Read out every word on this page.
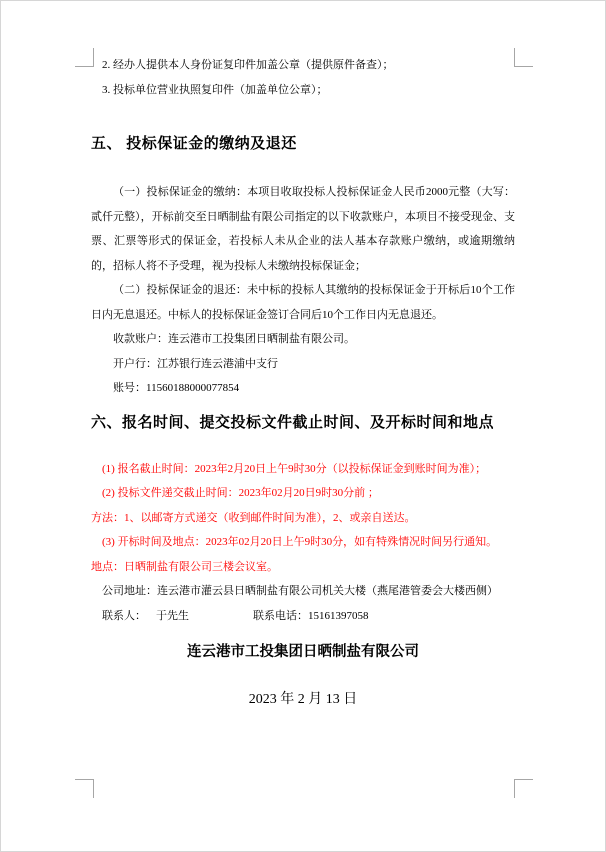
2. 经办人提供本人身份证复印件加盖公章（提供原件备查）；
3. 投标单位营业执照复印件（加盖单位公章）；
五、 投标保证金的缴纳及退还
（一）投标保证金的缴纳：本项目收取投标人投标保证金人民币2000元整（大写：贰仟元整），开标前交至日晒制盐有限公司指定的以下收款账户，本项目不接受现金、支票、汇票等形式的保证金，若投标人未从企业的法人基本存款账户缴纳，或逾期缴纳的，招标人将不予受理，视为投标人未缴纳投标保证金；
（二）投标保证金的退还：未中标的投标人其缴纳的投标保证金于开标后10个工作日内无息退还。中标人的投标保证金签订合同后10个工作日内无息退还。
收款账户：连云港市工投集团日晒制盐有限公司。
开户行：江苏银行连云港浦中支行
账号：11560188000077854
六、报名时间、提交投标文件截止时间、及开标时间和地点
(1) 报名截止时间：2023年2月20日上午9时30分（以投标保证金到账时间为准）；
(2) 投标文件递交截止时间：2023年02月20日9时30分前 ；
方法：1、以邮寄方式递交（收到邮件时间为准），2、或亲自送达。
(3) 开标时间及地点：2023年02月20日上午9时30分，如有特殊情况时间另行通知。
地点：日晒制盐有限公司三楼会议室。
公司地址：连云港市灌云县日晒制盐有限公司机关大楼（燕尾港管委会大楼西侧）
联系人： 于先生	联系电话：15161397058
连云港市工投集团日晒制盐有限公司
2023 年 2 月 13 日
